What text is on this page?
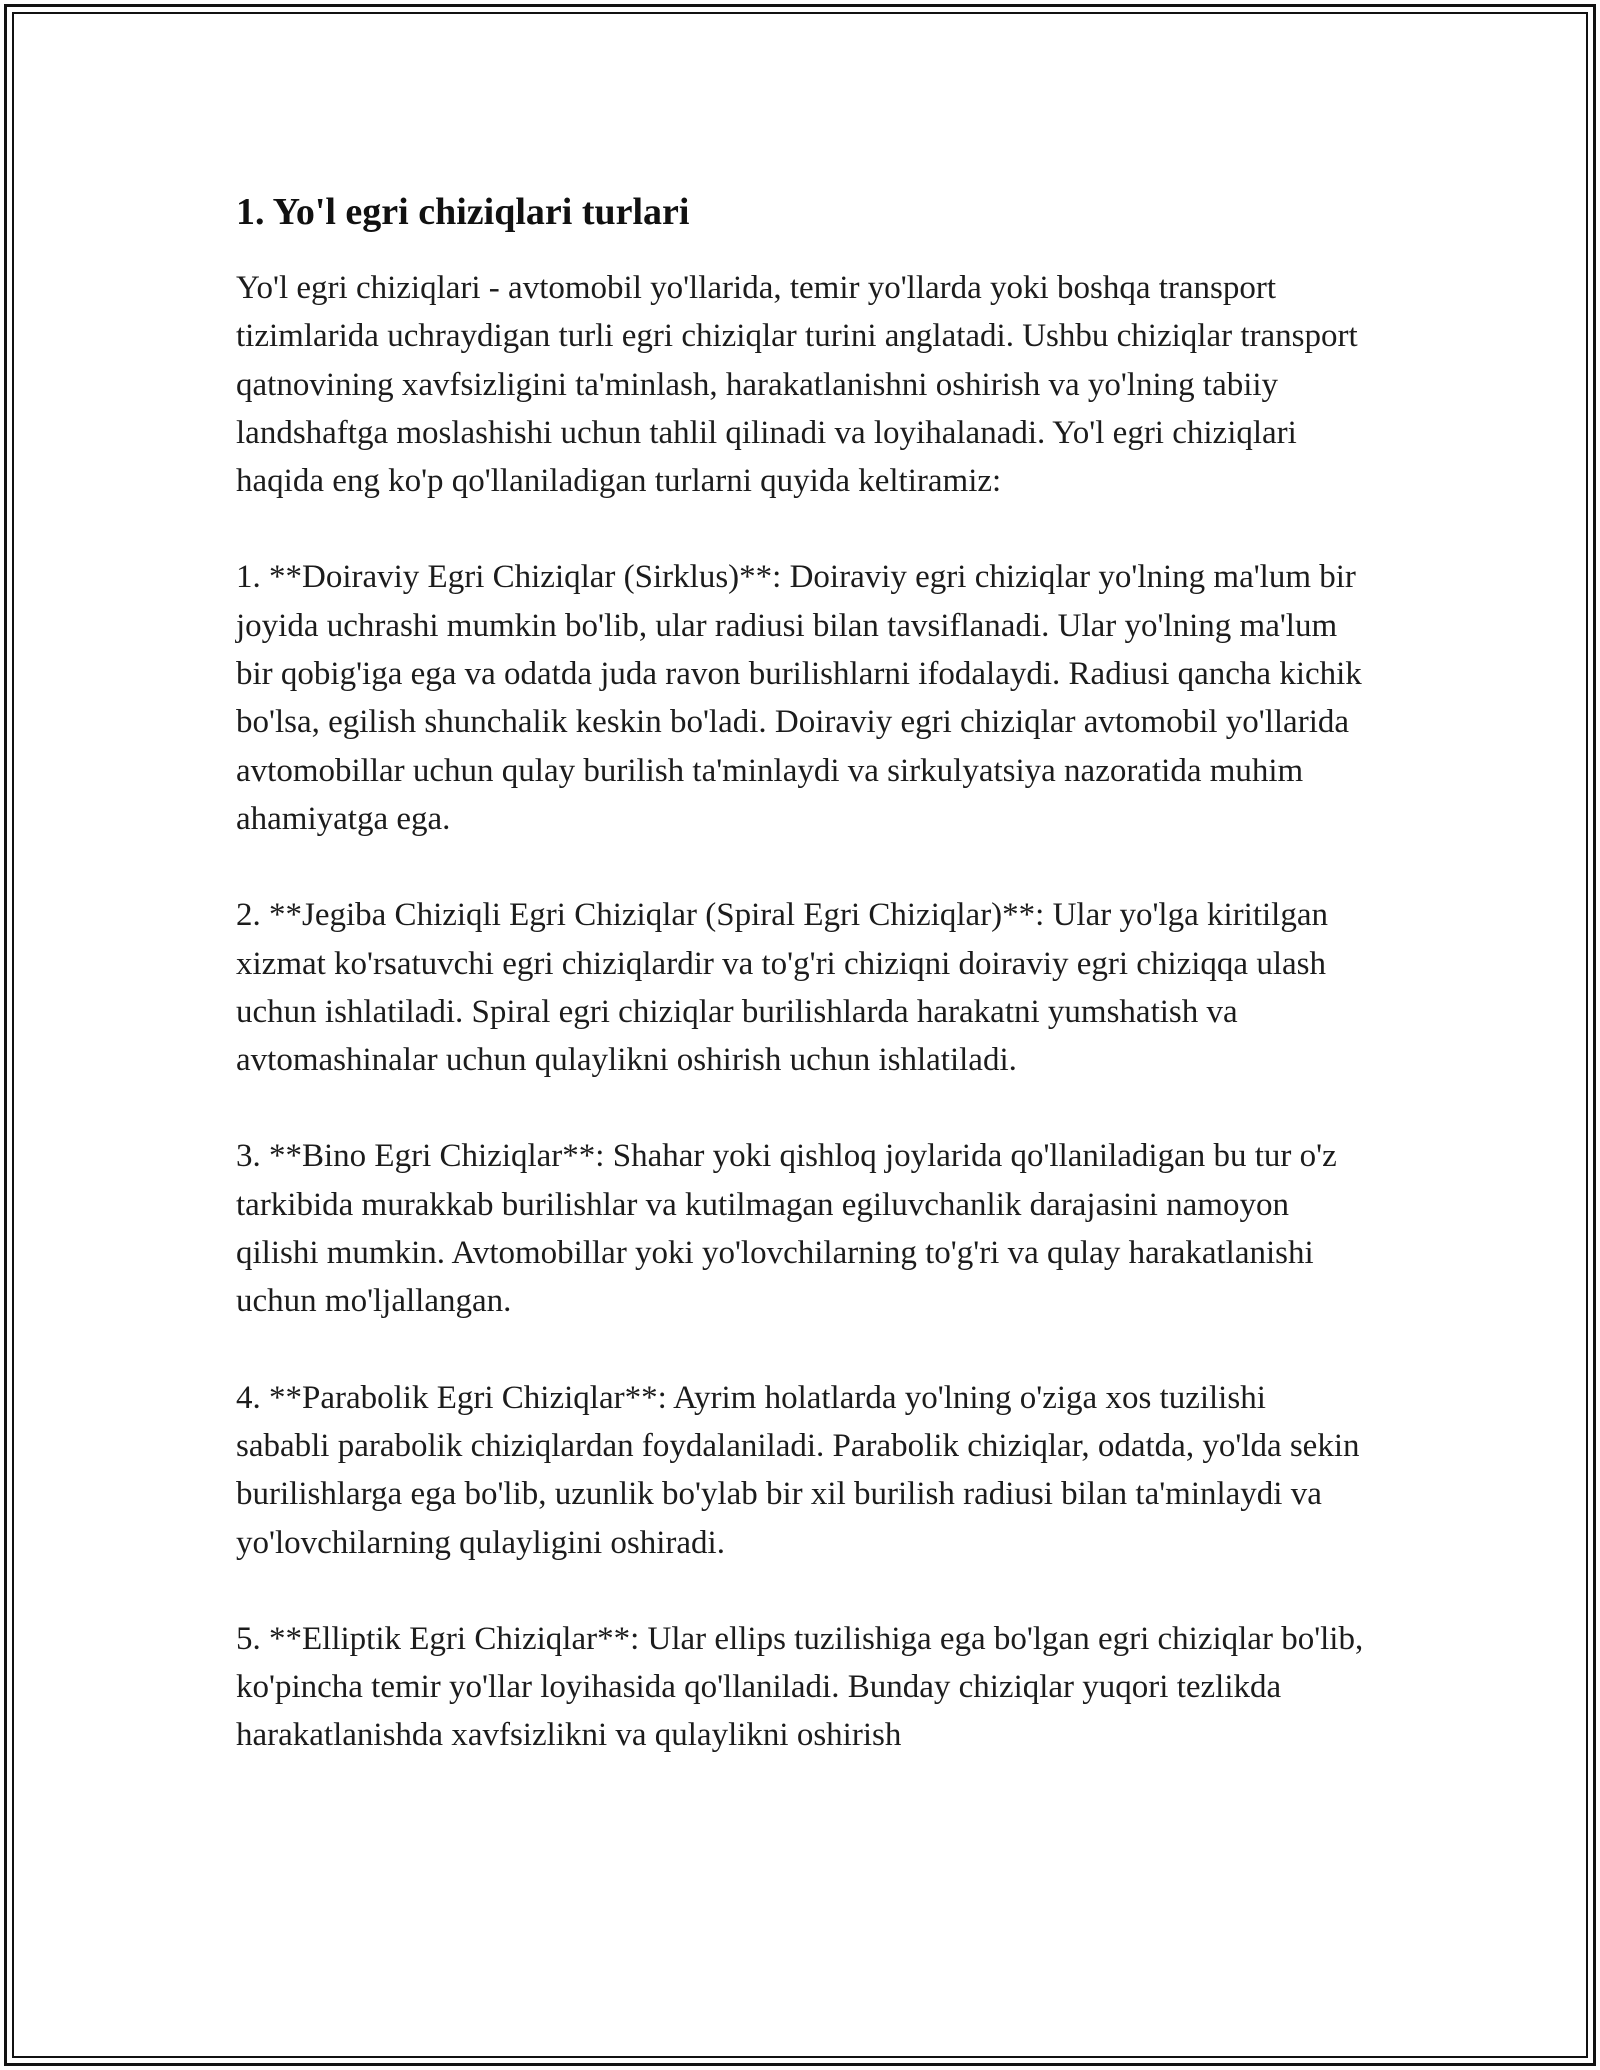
1. Yo'l egri chiziqlari turlari

Yo'l egri chiziqlari - avtomobil yo'llarida, temir yo'llarda yoki boshqa transport tizimlarida uchraydigan turli egri chiziqlar turini anglatadi. Ushbu chiziqlar transport qatnovining xavfsizligini ta'minlash, harakatlanishni oshirish va yo'lning tabiiy landshaftga moslashishi uchun tahlil qilinadi va loyihalanadi. Yo'l egri chiziqlari haqida eng ko'p qo'llaniladigan turlarni quyida keltiramiz:

1. **Doiraviy Egri Chiziqlar (Sirklus)**: Doiraviy egri chiziqlar yo'lning ma'lum bir joyida uchrashi mumkin bo'lib, ular radiusi bilan tavsiflanadi. Ular yo'lning ma'lum bir qobig'iga ega va odatda juda ravon burilishlarni ifodalaydi. Radiusi qancha kichik bo'lsa, egilish shunchalik keskin bo'ladi. Doiraviy egri chiziqlar avtomobil yo'llarida avtomobillar uchun qulay burilish ta'minlaydi va sirkulyatsiya nazoratida muhim ahamiyatga ega.

2. **Jegiba Chiziqli Egri Chiziqlar (Spiral Egri Chiziqlar)**: Ular yo'lga kiritilgan xizmat ko'rsatuvchi egri chiziqlardir va to'g'ri chiziqni doiraviy egri chiziqqa ulash uchun ishlatiladi. Spiral egri chiziqlar burilishlarda harakatni yumshatish va avtomashinalar uchun qulaylikni oshirish uchun ishlatiladi.

3. **Bino Egri Chiziqlar**: Shahar yoki qishloq joylarida qo'llaniladigan bu tur o'z tarkibida murakkab burilishlar va kutilmagan egiluvchanlik darajasini namoyon qilishi mumkin. Avtomobillar yoki yo'lovchilarning to'g'ri va qulay harakatlanishi uchun mo'ljallangan.

4. **Parabolik Egri Chiziqlar**: Ayrim holatlarda yo'lning o'ziga xos tuzilishi sababli parabolik chiziqlardan foydalaniladi. Parabolik chiziqlar, odatda, yo'lda sekin burilishlarga ega bo'lib, uzunlik bo'ylab bir xil burilish radiusi bilan ta'minlaydi va yo'lovchilarning qulayligini oshiradi.

5. **Elliptik Egri Chiziqlar**: Ular ellips tuzilishiga ega bo'lgan egri chiziqlar bo'lib, ko'pincha temir yo'llar loyihasida qo'llaniladi. Bunday chiziqlar yuqori tezlikda harakatlanishda xavfsizlikni va qulaylikni oshirish
